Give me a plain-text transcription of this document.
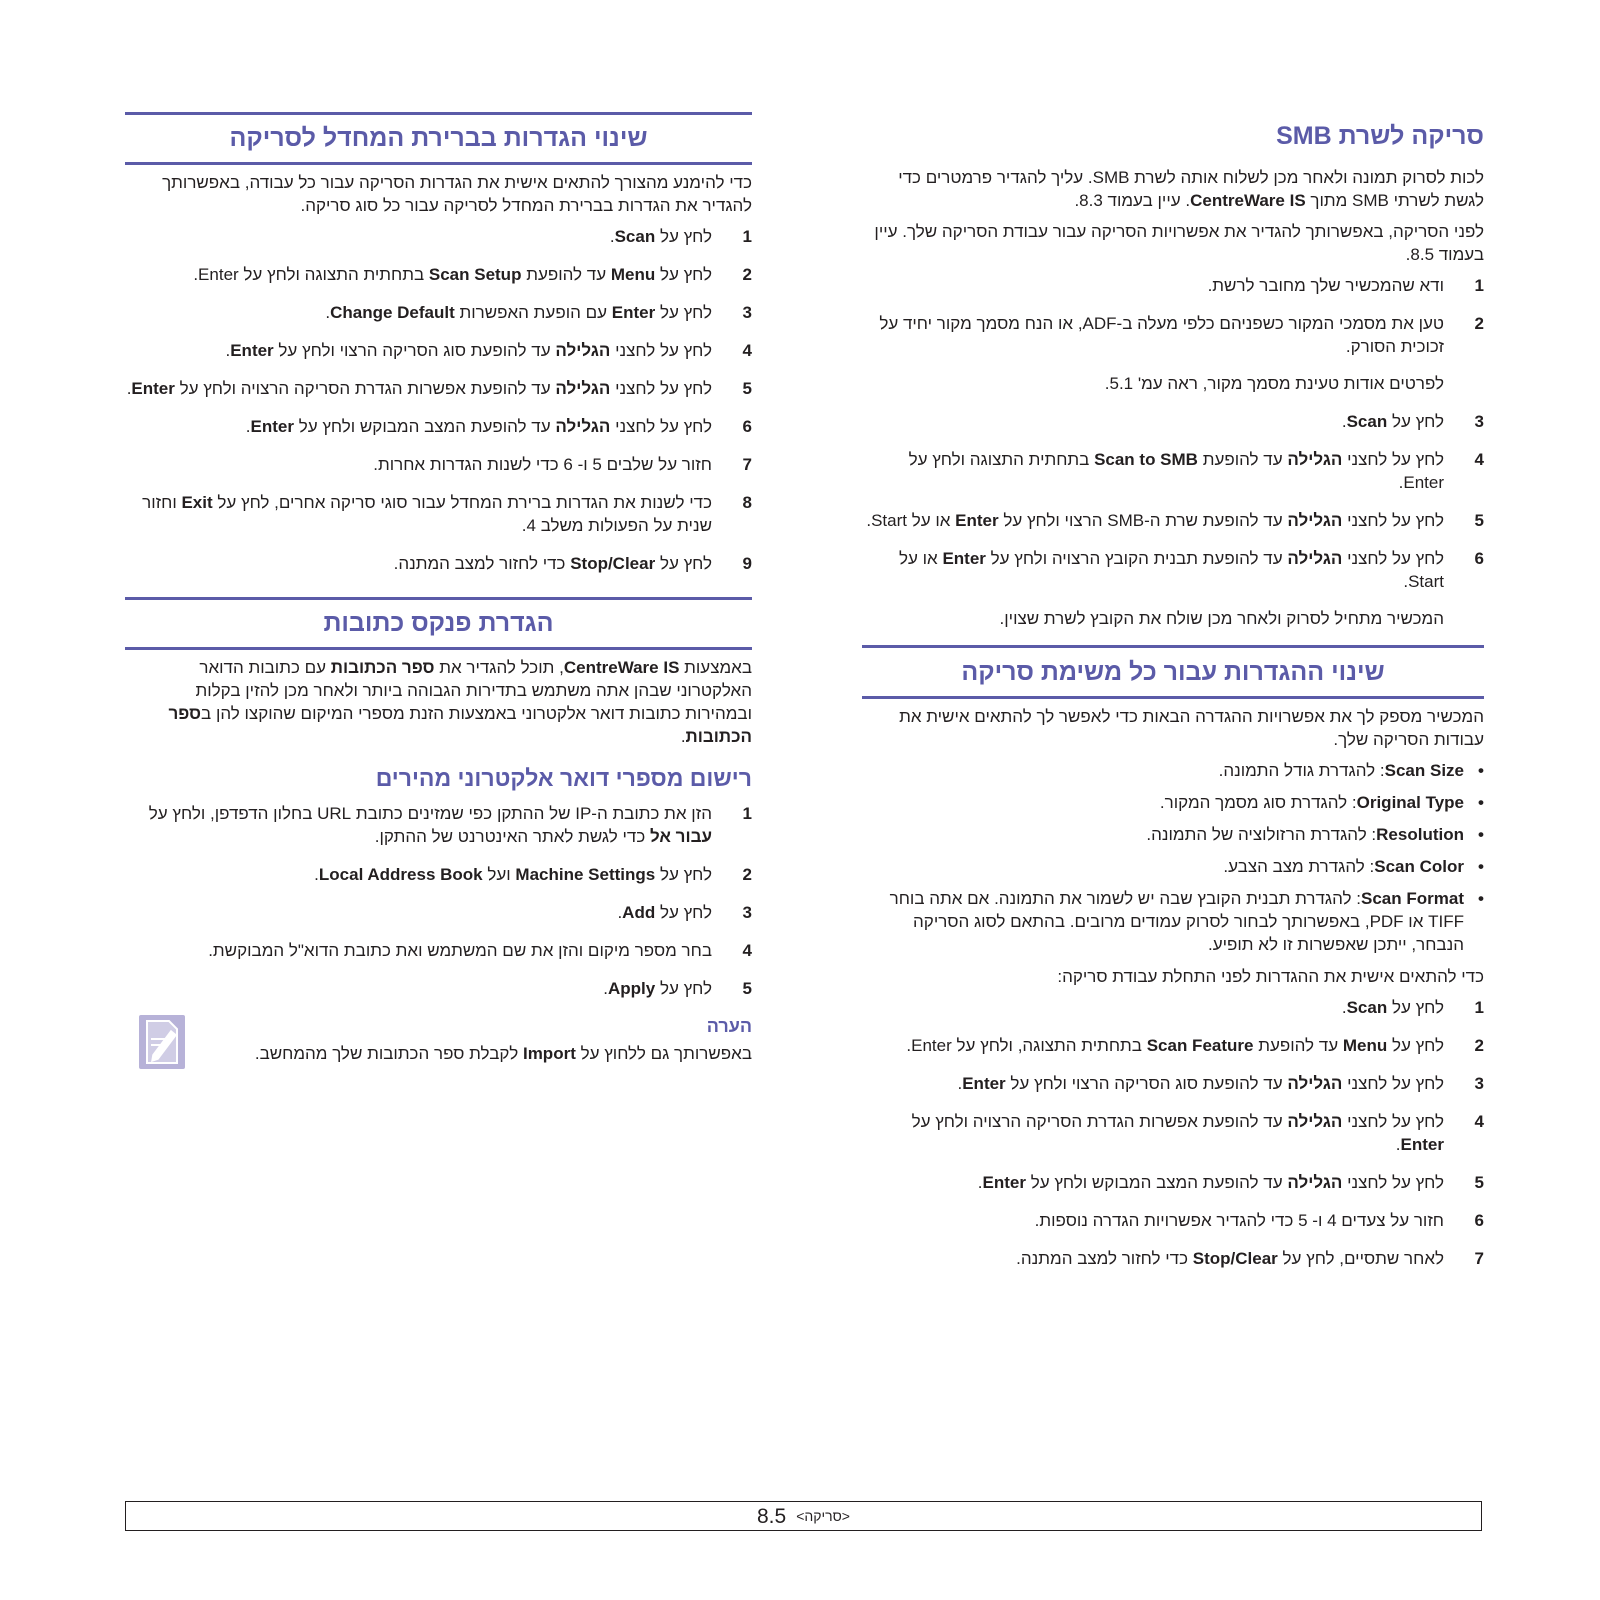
סריקה לשרת SMB

לכות לסרוק תמונה ולאחר מכן לשלוח אותה לשרת SMB. עליך להגדיר פרמטרים כדי לגשת לשרתי SMB מתוך CentreWare IS. עיין בעמוד 8.3.

לפני הסריקה, באפשרותך להגדיר את אפשרויות הסריקה עבור עבודת הסריקה שלך. עיין בעמוד 8.5.

1
ודא שהמכשיר שלך מחובר לרשת.
2
טען את מסמכי המקור כשפניהם כלפי מעלה ב-ADF, או הנח מסמך מקור יחיד על זכוכית הסורק.
לפרטים אודות טעינת מסמך מקור, ראה עמ' 5.1.
3
לחץ על Scan.
4
לחץ על לחצני הגלילה עד להופעת Scan to SMB בתחתית התצוגה ולחץ על Enter.
5
לחץ על לחצני הגלילה עד להופעת שרת ה-SMB הרצוי ולחץ על Enter או על Start.
6
לחץ על לחצני הגלילה עד להופעת תבנית הקובץ הרצויה ולחץ על Enter או על Start.
המכשיר מתחיל לסרוק ולאחר מכן שולח את הקובץ לשרת שצוין.
שינוי ההגדרות עבור כל משימת סריקה

המכשיר מספק לך את אפשרויות ההגדרה הבאות כדי לאפשר לך להתאים אישית את עבודות הסריקה שלך.

•
Scan Size: להגדרת גודל התמונה.
•
Original Type: להגדרת סוג מסמך המקור.
•
Resolution: להגדרת הרזולוציה של התמונה.
•
Scan Color: להגדרת מצב הצבע.
•
Scan Format: להגדרת תבנית הקובץ שבה יש לשמור את התמונה. אם אתה בוחר TIFF או PDF, באפשרותך לבחור לסרוק עמודים מרובים. בהתאם לסוג הסריקה הנבחר, ייתכן שאפשרות זו לא תופיע.

כדי להתאים אישית את ההגדרות לפני התחלת עבודת סריקה:

1
לחץ על Scan.
2
לחץ על Menu עד להופעת Scan Feature בתחתית התצוגה, ולחץ על Enter.
3
לחץ על לחצני הגלילה עד להופעת סוג הסריקה הרצוי ולחץ על Enter.
4
לחץ על לחצני הגלילה עד להופעת אפשרות הגדרת הסריקה הרצויה ולחץ על Enter.
5
לחץ על לחצני הגלילה עד להופעת המצב המבוקש ולחץ על Enter.
6
חזור על צעדים 4 ו- 5 כדי להגדיר אפשרויות הגדרה נוספות.
7
לאחר שתסיים, לחץ על Stop/Clear כדי לחזור למצב המתנה.
שינוי הגדרות בברירת המחדל לסריקה

כדי להימנע מהצורך להתאים אישית את הגדרות הסריקה עבור כל עבודה, באפשרותך להגדיר את הגדרות בברירת המחדל לסריקה עבור כל סוג סריקה.

1
לחץ על Scan.
2
לחץ על Menu עד להופעת Scan Setup בתחתית התצוגה ולחץ על Enter.
3
לחץ על Enter עם הופעת האפשרות Change Default.
4
לחץ על לחצני הגלילה עד להופעת סוג הסריקה הרצוי ולחץ על Enter.
5
לחץ על לחצני הגלילה עד להופעת אפשרות הגדרת הסריקה הרצויה ולחץ על Enter.
6
לחץ על לחצני הגלילה עד להופעת המצב המבוקש ולחץ על Enter.
7
חזור על שלבים 5 ו- 6 כדי לשנות הגדרות אחרות.
8
כדי לשנות את הגדרות ברירת המחדל עבור סוגי סריקה אחרים, לחץ על Exit וחזור שנית על הפעולות משלב 4.
9
לחץ על Stop/Clear כדי לחזור למצב המתנה.
הגדרת פנקס כתובות

באמצעות CentreWare IS, תוכל להגדיר את ספר הכתובות עם כתובות הדואר האלקטרוני שבהן אתה משתמש בתדירות הגבוהה ביותר ולאחר מכן להזין בקלות ובמהירות כתובות דואר אלקטרוני באמצעות הזנת מספרי המיקום שהוקצו להן בספר הכתובות.

רישום מספרי דואר אלקטרוני מהירים
1
הזן את כתובת ה-IP של ההתקן כפי שמזינים כתובת URL בחלון הדפדפן, ולחץ על עבור אל כדי לגשת לאתר האינטרנט של ההתקן.
2
לחץ על Machine Settings ועל Local Address Book.
3
לחץ על Add.
4
בחר מספר מיקום והזן את שם המשתמש ואת כתובת הדוא"ל המבוקשת.
5
לחץ על Apply.
הערה
באפשרותך גם ללחוץ על Import לקבלת ספר הכתובות שלך מהמחשב.
8.5 <סריקה>
